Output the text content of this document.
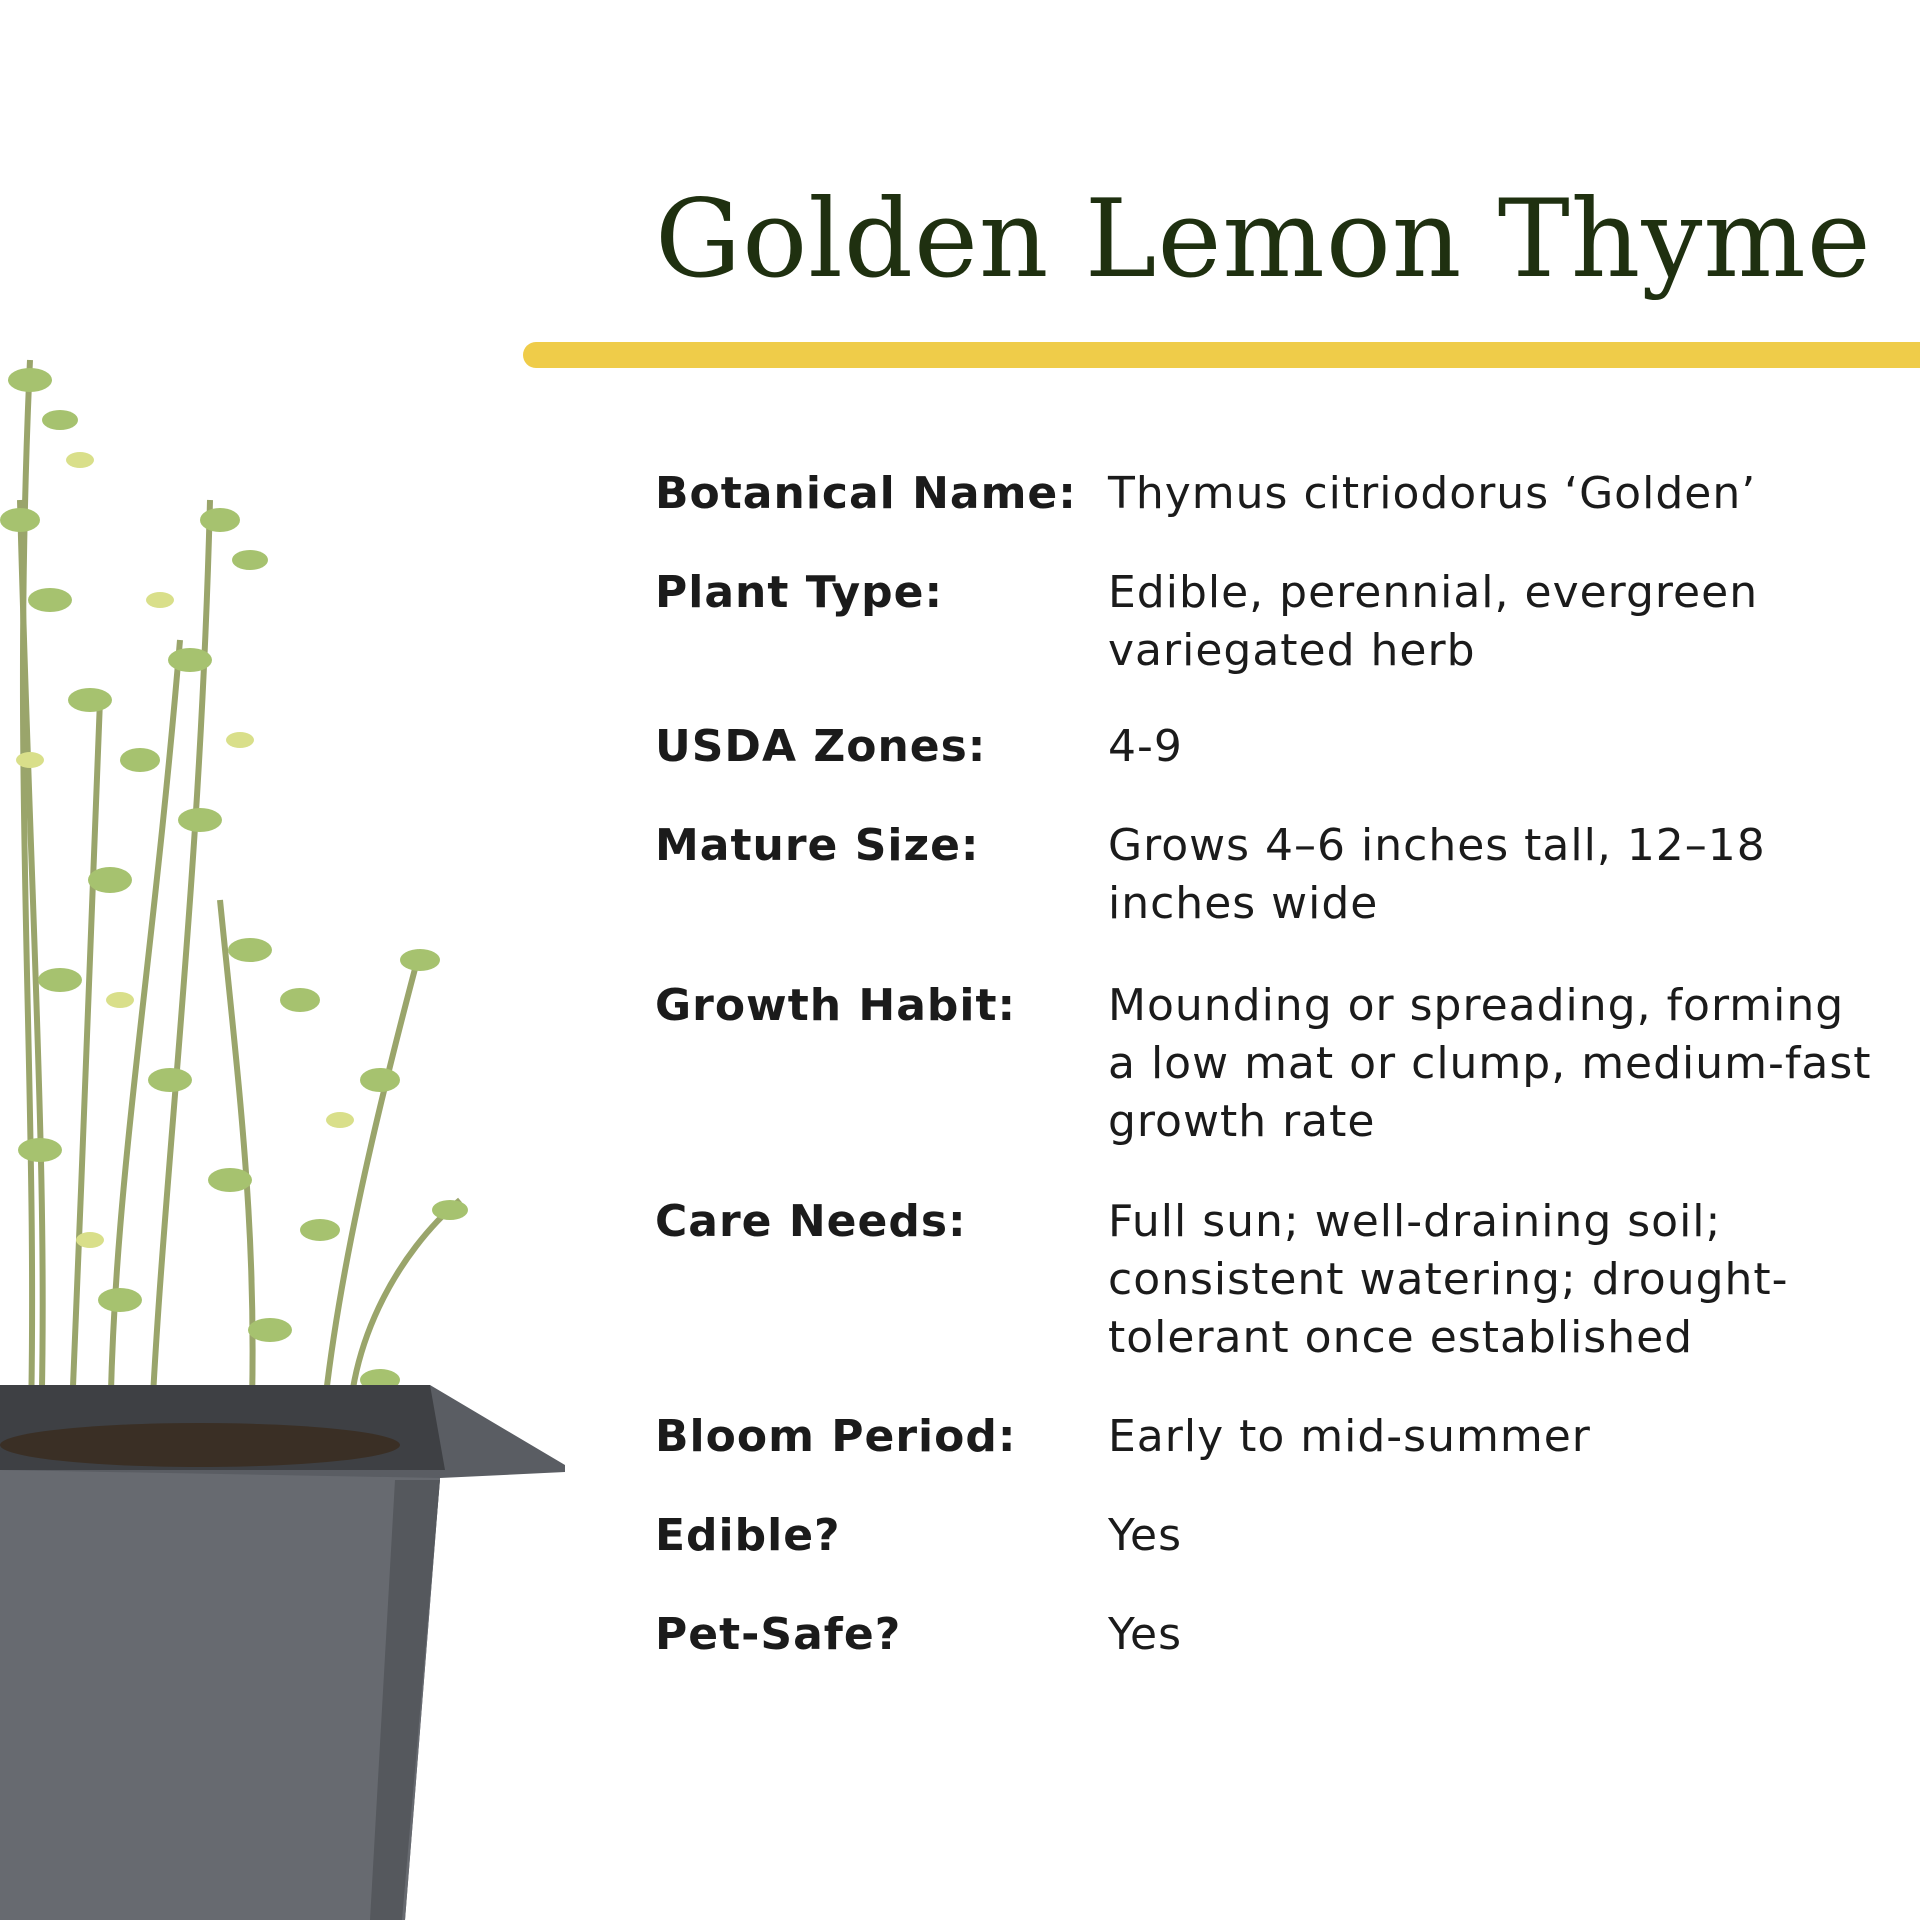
Golden Lemon Thyme
Botanical Name: Thymus citriodorus ‘Golden’
Plant Type:	Edible, perennial, evergreen variegated herb
USDA Zones:	4-9
Mature Size:	Grows 4–6 inches tall, 12–18 inches wide
Growth Habit:	Mounding or spreading, forming a low mat or clump, medium-fast growth rate
Care Needs:	Full sun; well-draining soil; consistent watering; drought-tolerant once established
Bloom Period:	Early to mid-summer
Edible?	Yes
Pet-Safe?	Yes
